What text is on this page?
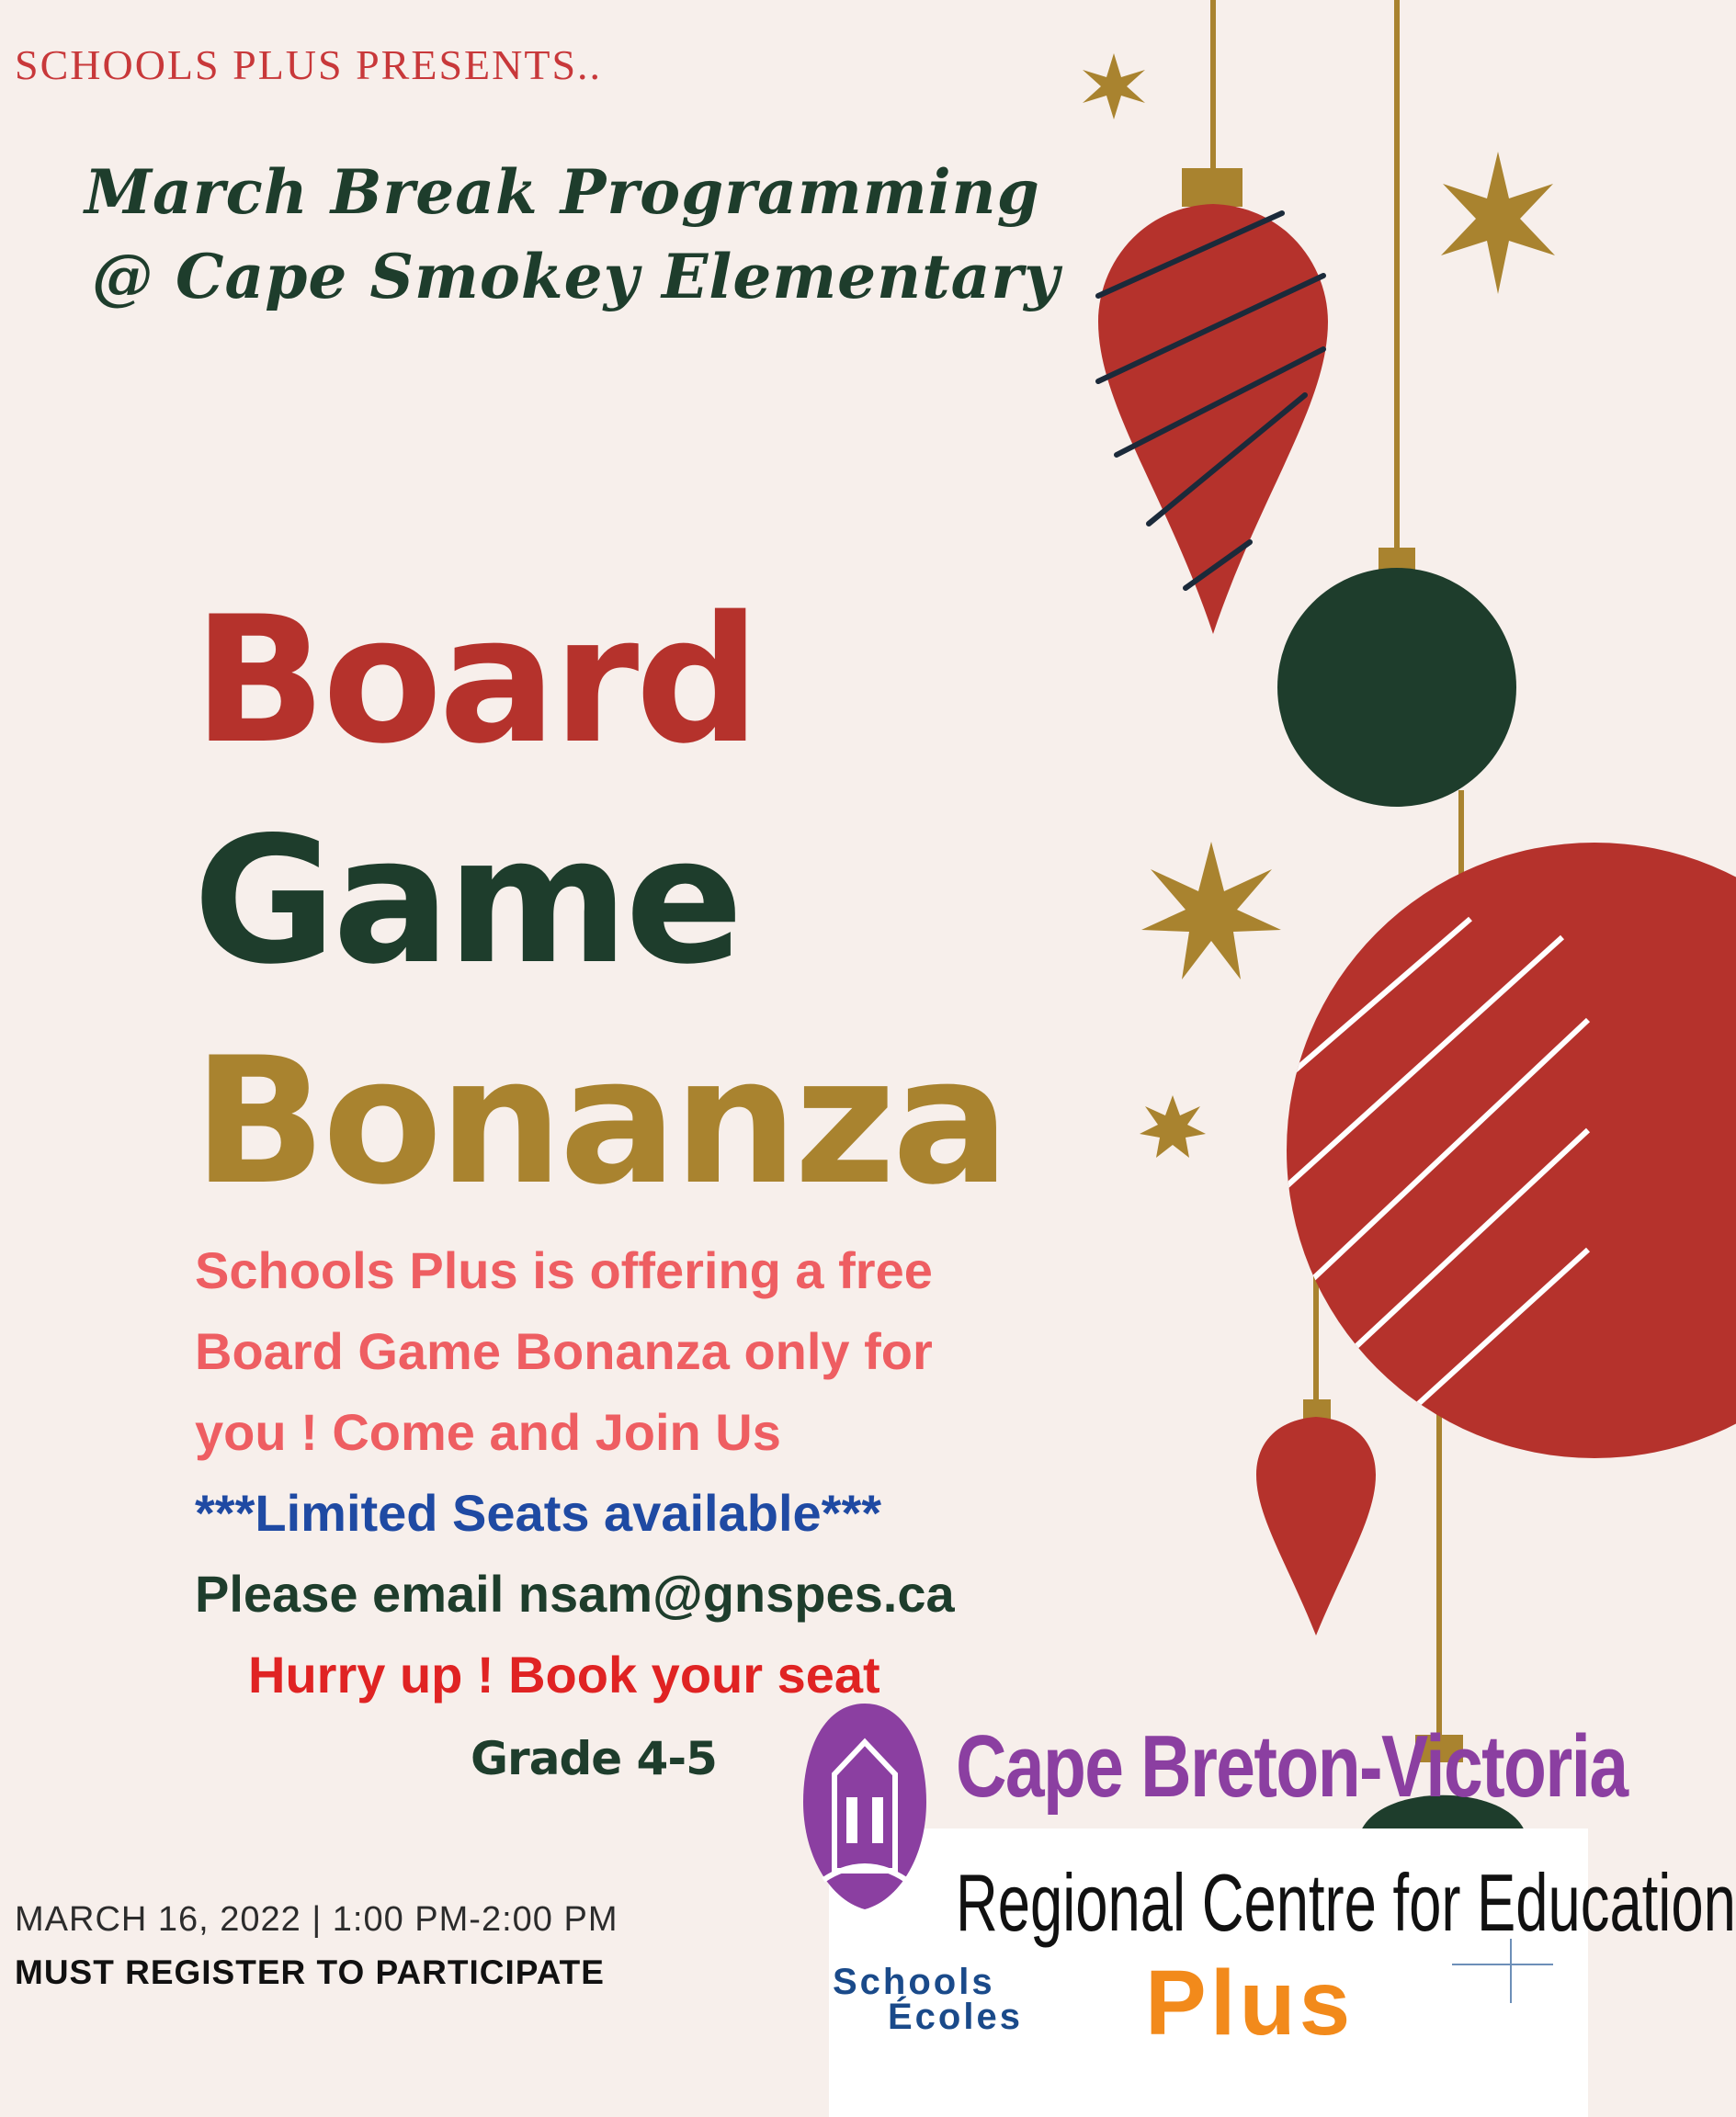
SCHOOLS PLUS PRESENTS..
March Break Programming
@ Cape Smokey Elementary
Board
Game
Bonanza
Schools Plus is offering a free
Board Game Bonanza only for
you ! Come and Join Us
***Limited Seats available***
Please email nsam@gnspes.ca
Hurry up ! Book your seat
Grade 4-5
MARCH 16, 2022 | 1:00 PM-2:00 PM
MUST REGISTER TO PARTICIPATE
Cape Breton-Victoria
Regional Centre for Education
Schools
Écoles Plus
